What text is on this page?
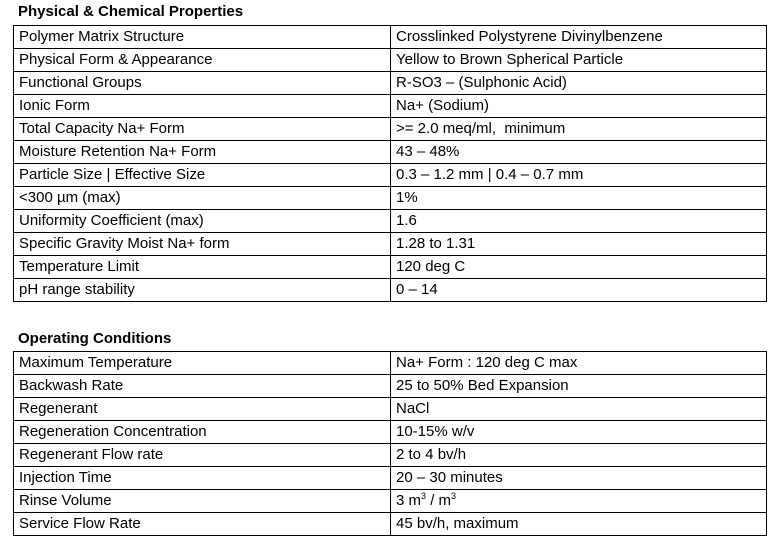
Physical & Chemical Properties
Polymer Matrix Structure	Crosslinked Polystyrene Divinylbenzene
Physical Form & Appearance	Yellow to Brown Spherical Particle
Functional Groups	R-SO3 – (Sulphonic Acid)
Ionic Form	Na+ (Sodium)
Total Capacity Na+ Form	>= 2.0 meq/ml,  minimum
Moisture Retention Na+ Form	43 – 48%
Particle Size | Effective Size	0.3 – 1.2 mm | 0.4 – 0.7 mm
<300 µm (max)	1%
Uniformity Coefficient (max)	1.6
Specific Gravity Moist Na+ form	1.28 to 1.31
Temperature Limit	120 deg C
pH range stability	0 – 14
Operating Conditions
Maximum Temperature	Na+ Form : 120 deg C max
Backwash Rate	25 to 50% Bed Expansion
Regenerant	NaCl
Regeneration Concentration	10-15% w/v
Regenerant Flow rate	2 to 4 bv/h
Injection Time	20 – 30 minutes
Rinse Volume	3 $m^3 / m^3$
Service Flow Rate	45 bv/h, maximum
